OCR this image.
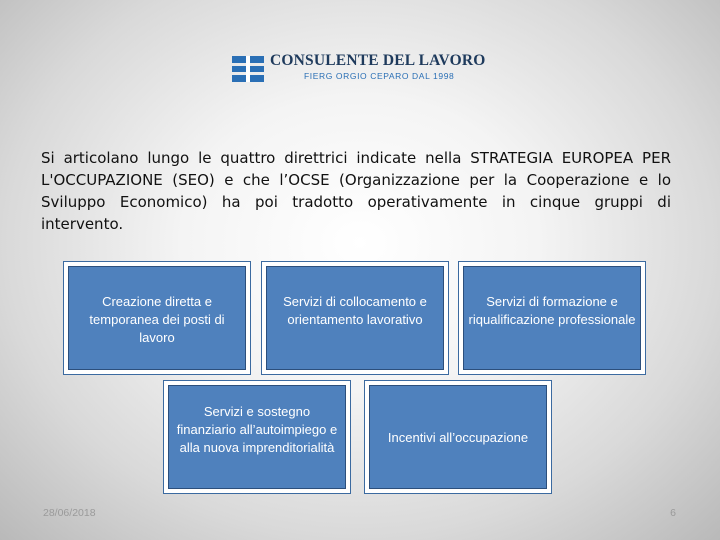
CONSULENTE DEL LAVORO
FIERG ORGIO CEPARO DAL 1998

Si articolano lungo le quattro direttrici indicate nella STRATEGIA EUROPEA PER L'OCCUPAZIONE (SEO) e che l’OCSE (Organizzazione per la Cooperazione e lo Sviluppo Economico) ha poi tradotto operativamente in cinque gruppi di intervento.

Creazione diretta e temporanea dei posti di lavoro
Servizi di collocamento e orientamento lavorativo
Servizi di formazione e riqualificazione professionale
Servizi e sostegno finanziario all’autoimpiego e alla nuova imprenditorialità
Incentivi all’occupazione
28/06/2018	6
